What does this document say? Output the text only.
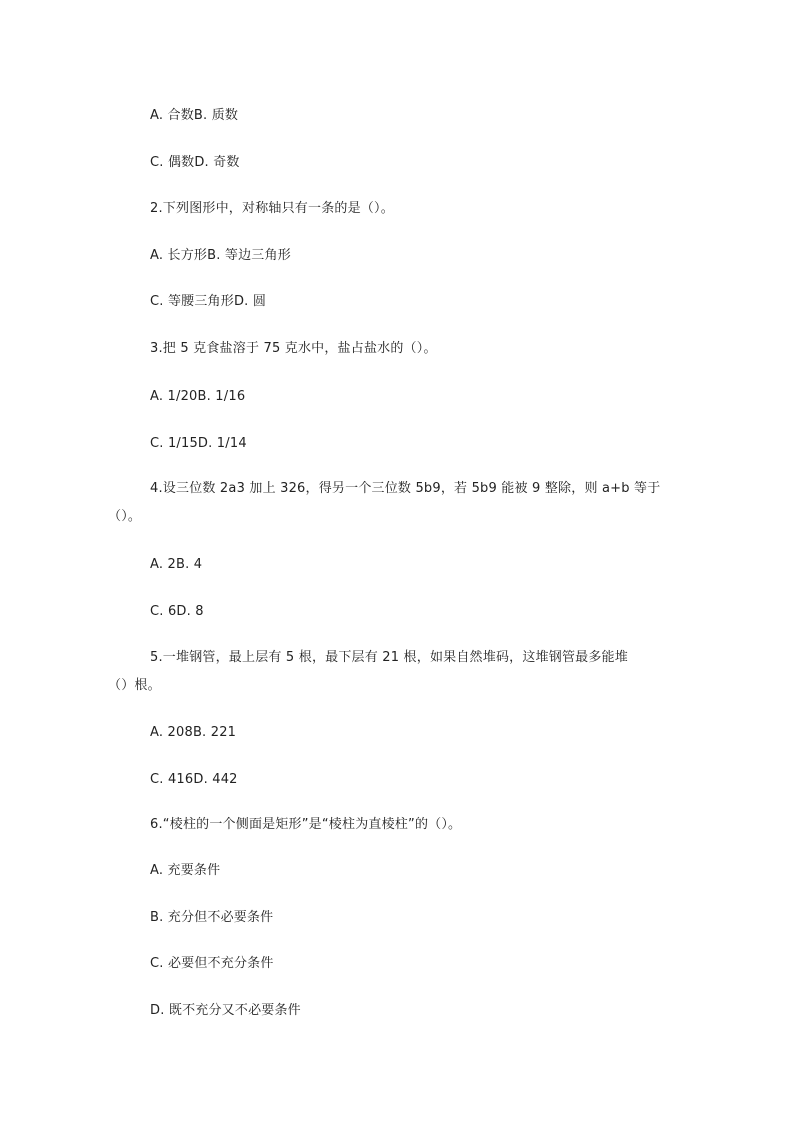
A. 合数B. 质数
C. 偶数D. 奇数
2.下列图形中，对称轴只有一条的是（）。
A. 长方形B. 等边三角形
C. 等腰三角形D. 圆
3.把 5 克食盐溶于 75 克水中，盐占盐水的（）。
A. 1/20B. 1/16
C. 1/15D. 1/14
4.设三位数 2a3 加上 326，得另一个三位数 5b9，若 5b9 能被 9 整除，则 a+b 等于
（）。
A. 2B. 4
C. 6D. 8
5.一堆钢管，最上层有 5 根，最下层有 21 根，如果自然堆码，这堆钢管最多能堆
（）根。
A. 208B. 221
C. 416D. 442
6.“棱柱的一个侧面是矩形”是“棱柱为直棱柱”的（）。
A. 充要条件
B. 充分但不必要条件
C. 必要但不充分条件
D. 既不充分又不必要条件
